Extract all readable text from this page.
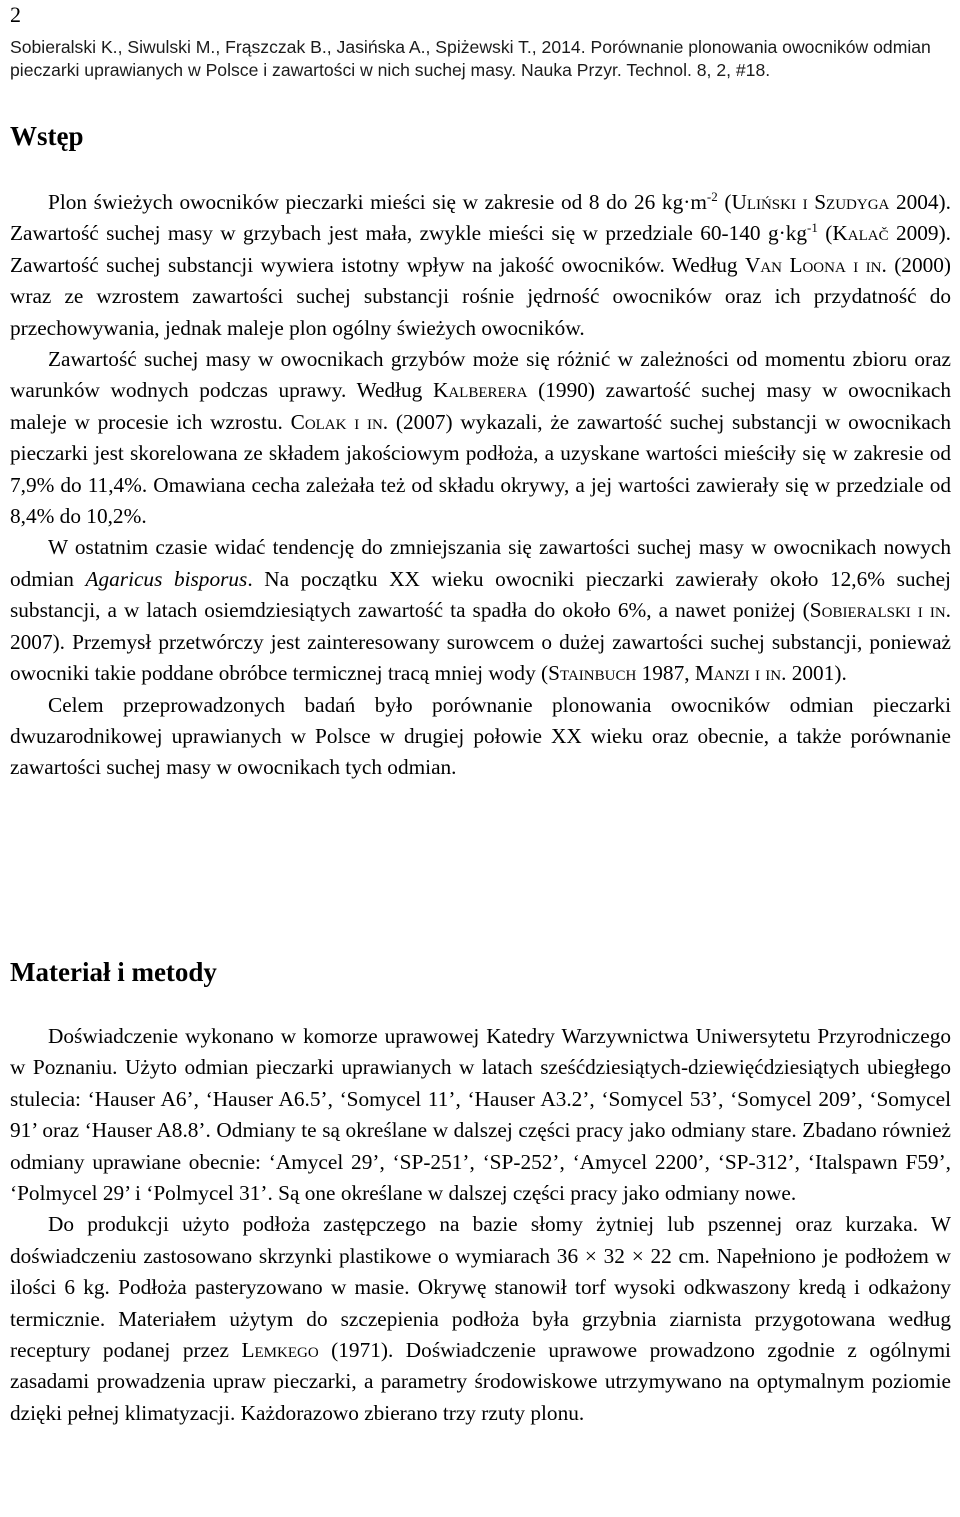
2
Sobieralski K., Siwulski M., Frąszczak B., Jasińska A., Spiżewski T., 2014. Porównanie plonowania owocników odmian pieczarki uprawianych w Polsce i zawartości w nich suchej masy. Nauka Przyr. Technol. 8, 2, #18.
Wstęp

Plon świeżych owocników pieczarki mieści się w zakresie od 8 do 26 $kg\cdot m^{-2}$ (Uliński i Szudyga 2004). Zawartość suchej masy w grzybach jest mała, zwykle mieści się w przedziale 60-140 $g\cdot kg^{-1}$ (Kalač 2009). Zawartość suchej substancji wywiera istotny wpływ na jakość owocników. Według Van Loona i in. (2000) wraz ze wzrostem zawartości suchej substancji rośnie jędrność owocników oraz ich przydatność do przechowywania, jednak maleje plon ogólny świeżych owocników.

Zawartość suchej masy w owocnikach grzybów może się różnić w zależności od momentu zbioru oraz warunków wodnych podczas uprawy. Według Kalberera (1990) zawartość suchej masy w owocnikach maleje w procesie ich wzrostu. Colak i in. (2007) wykazali, że zawartość suchej substancji w owocnikach pieczarki jest skorelowana ze składem jakościowym podłoża, a uzyskane wartości mieściły się w zakresie od 7,9% do 11,4%. Omawiana cecha zależała też od składu okrywy, a jej wartości zawierały się w przedziale od 8,4% do 10,2%.

W ostatnim czasie widać tendencję do zmniejszania się zawartości suchej masy w owocnikach nowych odmian Agaricus bisporus. Na początku XX wieku owocniki pieczarki zawierały około 12,6% suchej substancji, a w latach osiemdziesiątych zawartość ta spadła do około 6%, a nawet poniżej (Sobieralski i in. 2007). Przemysł przetwórczy jest zainteresowany surowcem o dużej zawartości suchej substancji, ponieważ owocniki takie poddane obróbce termicznej tracą mniej wody (Stainbuch 1987, Manzi i in. 2001).

Celem przeprowadzonych badań było porównanie plonowania owocników odmian pieczarki dwuzarodnikowej uprawianych w Polsce w drugiej połowie XX wieku oraz obecnie, a także porównanie zawartości suchej masy w owocnikach tych odmian.

Materiał i metody

Doświadczenie wykonano w komorze uprawowej Katedry Warzywnictwa Uniwersytetu Przyrodniczego w Poznaniu. Użyto odmian pieczarki uprawianych w latach sześćdziesiątych-dziewięćdziesiątych ubiegłego stulecia: ‘Hauser A6’, ‘Hauser A6.5’, ‘Somycel 11’, ‘Hauser A3.2’, ‘Somycel 53’, ‘Somycel 209’, ‘Somycel 91’ oraz ‘Hauser A8.8’. Odmiany te są określane w dalszej części pracy jako odmiany stare. Zbadano również odmiany uprawiane obecnie: ‘Amycel 29’, ‘SP-251’, ‘SP-252’, ‘Amycel 2200’, ‘SP-312’, ‘Italspawn F59’, ‘Polmycel 29’ i ‘Polmycel 31’. Są one określane w dalszej części pracy jako odmiany nowe.

Do produkcji użyto podłoża zastępczego na bazie słomy żytniej lub pszennej oraz kurzaka. W doświadczeniu zastosowano skrzynki plastikowe o wymiarach 36 × 32 × 22 cm. Napełniono je podłożem w ilości 6 kg. Podłoża pasteryzowano w masie. Okrywę stanowił torf wysoki odkwaszony kredą i odkażony termicznie. Materiałem użytym do szczepienia podłoża była grzybnia ziarnista przygotowana według receptury podanej przez Lemkego (1971). Doświadczenie uprawowe prowadzono zgodnie z ogólnymi zasadami prowadzenia upraw pieczarki, a parametry środowiskowe utrzymywano na optymalnym poziomie dzięki pełnej klimatyzacji. Każdorazowo zbierano trzy rzuty plonu.
